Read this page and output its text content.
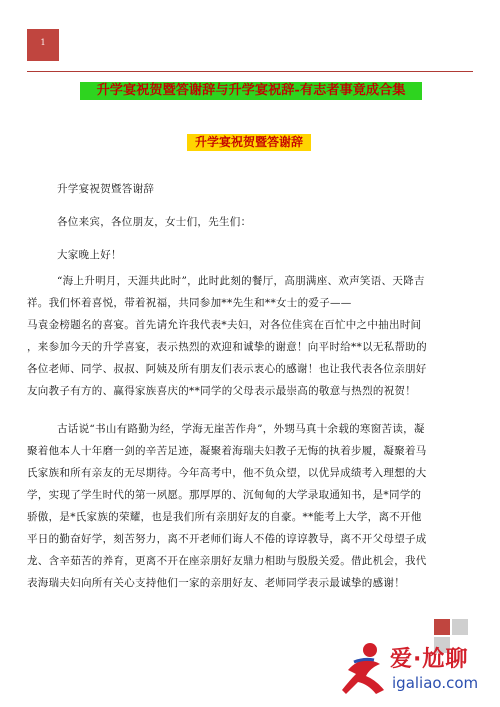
1
升学宴祝贺暨答谢辞与升学宴祝辞-有志者事竟成合集
升学宴祝贺暨答谢辞

升学宴祝贺暨答谢辞

各位来宾，各位朋友，女士们，先生们：

大家晚上好！

“海上升明月，天涯共此时”，此时此刻的餐厅，高朋满座、欢声笑语、天降吉
祥。我们怀着喜悦，带着祝福，共同参加**先生和**女士的爱子——
马袁金榜题名的喜宴。首先请允许我代表*夫妇，对各位佳宾在百忙中之中抽出时间
，来参加今天的升学喜宴，表示热烈的欢迎和诚挚的谢意！向平时给**以无私帮助的
各位老师、同学、叔叔、阿姨及所有朋友们表示衷心的感谢！也让我代表各位亲朋好
友向教子有方的、赢得家族喜庆的**同学的父母表示最崇高的敬意与热烈的祝贺！
古话说“书山有路勤为经，学海无崖苦作舟”，外甥马真十余载的寒窗苦读，凝
聚着他本人十年磨一剑的辛苦足迹，凝聚着海瑞夫妇教子无悔的执着步履，凝聚着马
氏家族和所有亲友的无尽期待。今年高考中，他不负众望，以优异成绩考入理想的大
学，实现了学生时代的第一夙愿。那厚厚的、沉甸甸的大学录取通知书，是*同学的
骄傲，是*氏家族的荣耀，也是我们所有亲朋好友的自豪。**能考上大学，离不开他
平日的勤奋好学，刻苦努力，离不开老师们诲人不倦的谆谆教导，离不开父母望子成
龙、含辛茹苦的养育，更离不开在座亲朋好友鼎力相助与殷殷关爱。借此机会，我代
表海瑞夫妇向所有关心支持他们一家的亲朋好友、老师同学表示最诚挚的感谢！
爱·尬聊
igaliao.com
